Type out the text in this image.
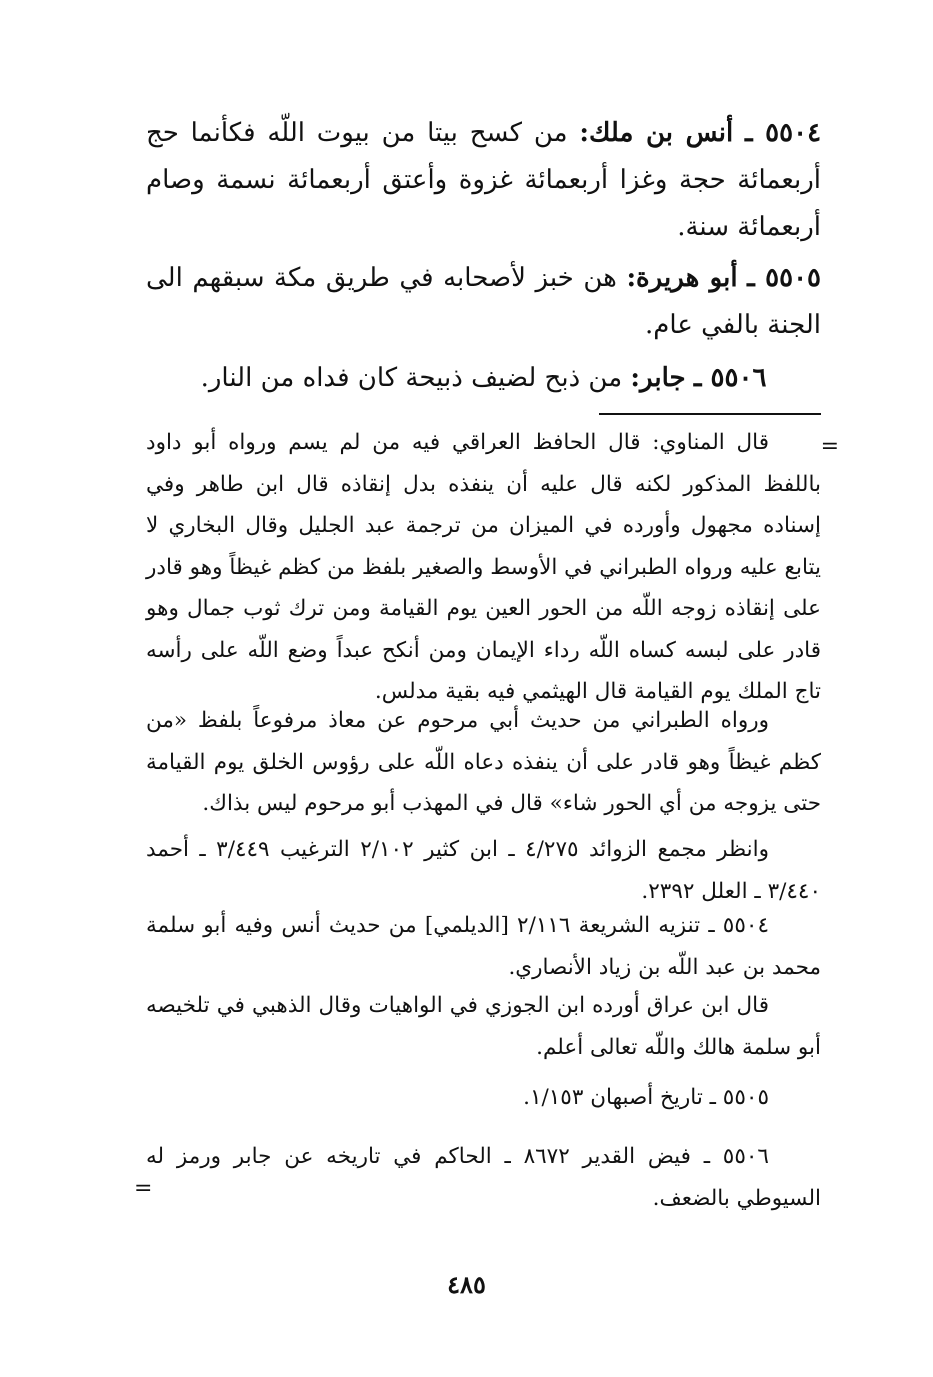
٥٥٠٤ ـ أنس بن ملك: من كسح بيتا من بيوت اللّه فكأنما حج أربعمائة حجة وغزا أربعمائة غزوة وأعتق أربعمائة نسمة وصام أربعمائة سنة.

٥٥٠٥ ـ أبو هريرة: هن خبز لأصحابه في طريق مكة سبقهم الى الجنة بالفي عام.

٥٥٠٦ ـ جابر: من ذبح لضيف ذبيحة كان فداه من النار.

=

قال المناوي: قال الحافظ العراقي فيه من لم يسم ورواه أبو داود باللفظ المذكور لكنه قال عليه أن ينفذه بدل إنقاذه قال ابن طاهر وفي إسناده مجهول وأورده في الميزان من ترجمة عبد الجليل وقال البخاري لا يتابع عليه ورواه الطبراني في الأوسط والصغير بلفظ من كظم غيظاً وهو قادر على إنقاذه زوجه اللّه من الحور العين يوم القيامة ومن ترك ثوب جمال وهو قادر على لبسه كساه اللّه رداء الإيمان ومن أنكح عبداً وضع اللّه على رأسه تاج الملك يوم القيامة قال الهيثمي فيه بقية مدلس.

ورواه الطبراني من حديث أبي مرحوم عن معاذ مرفوعاً بلفظ «من كظم غيظاً وهو قادر على أن ينفذه دعاه اللّه على رؤوس الخلق يوم القيامة حتى يزوجه من أي الحور شاء» قال في المهذب أبو مرحوم ليس بذاك.

وانظر مجمع الزوائد ٤/٢٧٥ ـ ابن كثير ٢/١٠٢ الترغيب ٣/٤٤٩ ـ أحمد ٣/٤٤٠ ـ العلل ٢٣٩٢.

٥٥٠٤ ـ تنزيه الشريعة ٢/١١٦ [الديلمي] من حديث أنس وفيه أبو سلمة محمد بن عبد اللّه بن زياد الأنصاري.

قال ابن عراق أورده ابن الجوزي في الواهيات وقال الذهبي في تلخيصه أبو سلمة هالك واللّه تعالى أعلم.

٥٥٠٥ ـ تاريخ أصبهان ١/١٥٣.

٥٥٠٦ ـ فيض القدير ٨٦٧٢ ـ الحاكم في تاريخه عن جابر ورمز له السيوطي بالضعف.

=
٤٨٥
